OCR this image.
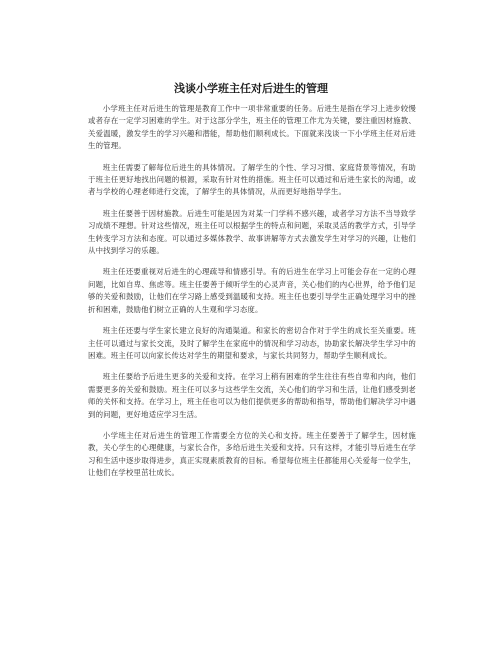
浅谈小学班主任对后进生的管理

小学班主任对后进生的管理是教育工作中一项非常重要的任务。后进生是指在学习上进步较慢或者存在一定学习困难的学生。对于这部分学生，班主任的管理工作尤为关键，要注重因材施教、关爱温暖，激发学生的学习兴趣和潜能，帮助他们顺利成长。下面就来浅谈一下小学班主任对后进生的管理。

班主任需要了解每位后进生的具体情况。了解学生的个性、学习习惯、家庭背景等情况，有助于班主任更好地找出问题的根源，采取有针对性的措施。班主任可以通过和后进生家长的沟通，或者与学校的心理老师进行交流，了解学生的具体情况，从而更好地指导学生。

班主任要善于因材施教。后进生可能是因为对某一门学科不感兴趣，或者学习方法不当导致学习成绩不理想。针对这些情况，班主任可以根据学生的特点和问题，采取灵活的教学方式，引导学生转变学习方法和态度。可以通过多媒体教学、故事讲解等方式去激发学生对学习的兴趣，让他们从中找到学习的乐趣。

班主任还要重视对后进生的心理疏导和情感引导。有的后进生在学习上可能会存在一定的心理问题，比如自卑、焦虑等。班主任要善于倾听学生的心灵声音，关心他们的内心世界，给予他们足够的关爱和鼓励，让他们在学习路上感受到温暖和支持。班主任也要引导学生正确处理学习中的挫折和困难，鼓励他们树立正确的人生观和学习态度。

班主任还要与学生家长建立良好的沟通渠道。和家长的密切合作对于学生的成长至关重要。班主任可以通过与家长交流，及时了解学生在家庭中的情况和学习动态，协助家长解决学生学习中的困难。班主任可以向家长传达对学生的期望和要求，与家长共同努力，帮助学生顺利成长。

班主任要给予后进生更多的关爱和支持。在学习上稍有困难的学生往往有些自卑和内向，他们需要更多的关爱和鼓励。班主任可以多与这些学生交流，关心他们的学习和生活，让他们感受到老师的关怀和支持。在学习上，班主任也可以为他们提供更多的帮助和指导，帮助他们解决学习中遇到的问题，更好地适应学习生活。

小学班主任对后进生的管理工作需要全方位的关心和支持。班主任要善于了解学生，因材施教，关心学生的心理健康，与家长合作，多给后进生关爱和支持。只有这样，才能引导后进生在学习和生活中逐步取得进步，真正实现素质教育的目标。希望每位班主任都能用心关爱每一位学生，让他们在学校里茁壮成长。
